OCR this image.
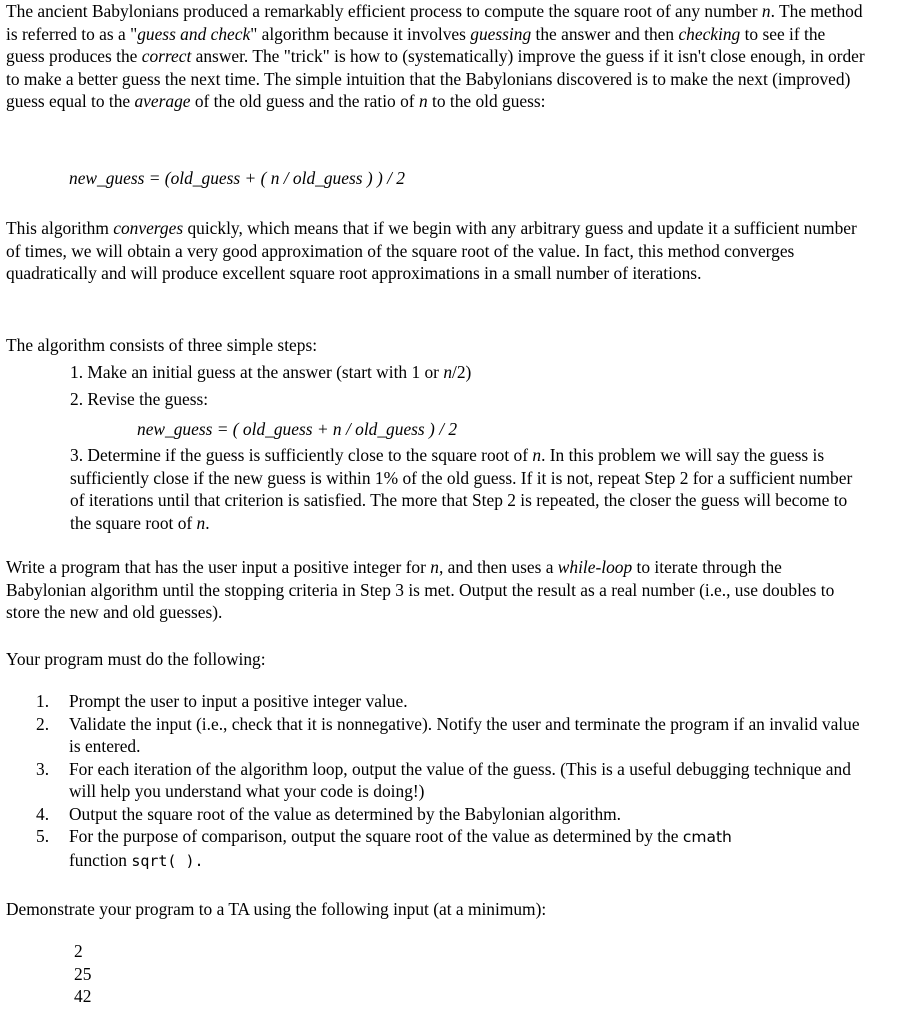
The ancient Babylonians produced a remarkably efficient process to compute the square root of any number n. The method is referred to as a "guess and check" algorithm because it involves guessing the answer and then checking to see if the guess produces the correct answer. The "trick" is how to (systematically) improve the guess if it isn't close enough, in order to make a better guess the next time. The simple intuition that the Babylonians discovered is to make the next (improved) guess equal to the average of the old guess and the ratio of n to the old guess:

new_guess = (old_guess + ( n / old_guess ) ) / 2

This algorithm converges quickly, which means that if we begin with any arbitrary guess and update it a sufficient number of times, we will obtain a very good approximation of the square root of the value. In fact, this method converges quadratically and will produce excellent square root approximations in a small number of iterations.

The algorithm consists of three simple steps:

1. Make an initial guess at the answer (start with 1 or n/2)
2. Revise the guess:
new_guess = ( old_guess + n / old_guess ) / 2
3. Determine if the guess is sufficiently close to the square root of n. In this problem we will say the guess is sufficiently close if the new guess is within 1% of the old guess. If it is not, repeat Step 2 for a sufficient number of iterations until that criterion is satisfied. The more that Step 2 is repeated, the closer the guess will become to the square root of n.

Write a program that has the user input a positive integer for n, and then uses a while-loop to iterate through the Babylonian algorithm until the stopping criteria in Step 3 is met. Output the result as a real number (i.e., use doubles to store the new and old guesses).

Your program must do the following:

1. Prompt the user to input a positive integer value.
2. Validate the input (i.e., check that it is nonnegative). Notify the user and terminate the program if an invalid value is entered.
3. For each iteration of the algorithm loop, output the value of the guess. (This is a useful debugging technique and will help you understand what your code is doing!)
4. Output the square root of the value as determined by the Babylonian algorithm.
5. For the purpose of comparison, output the square root of the value as determined by the cmath
function sqrt( ).

Demonstrate your program to a TA using the following input (at a minimum):

2
25
42
